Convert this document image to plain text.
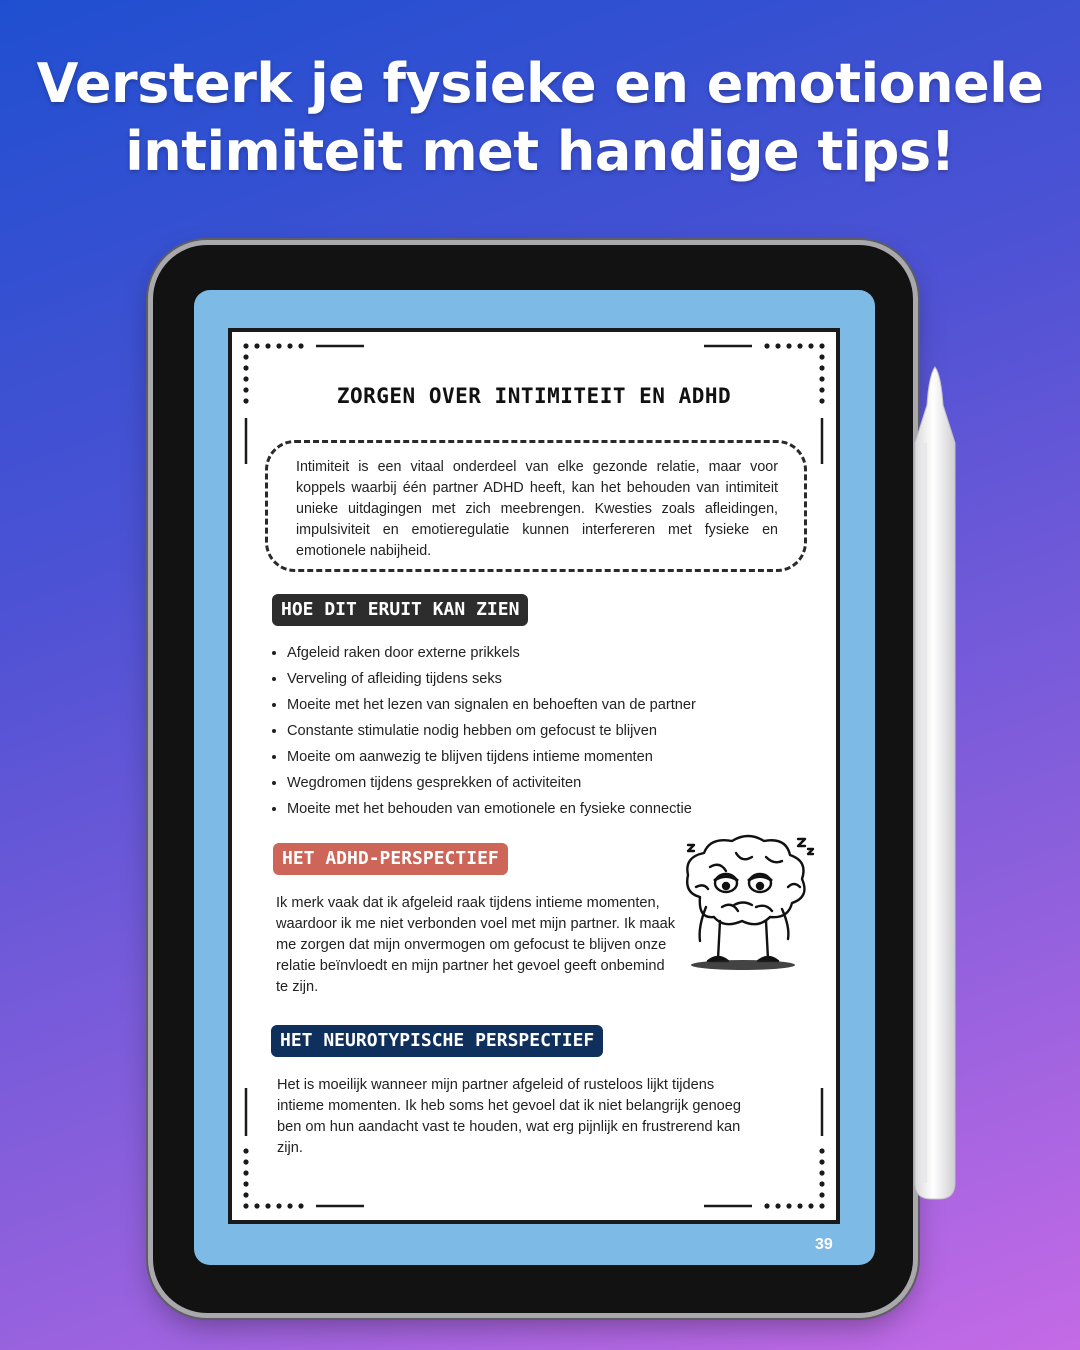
Versterk je fysieke en emotionele
intimiteit met handige tips!
ZORGEN OVER INTIMITEIT EN ADHD
Intimiteit is een vitaal onderdeel van elke gezonde relatie, maar voor koppels waarbij één partner ADHD heeft, kan het behouden van intimiteit unieke uitdagingen met zich meebrengen. Kwesties zoals afleidingen, impulsiviteit en emotieregulatie kunnen interfereren met fysieke en emotionele nabijheid.
HOE DIT ERUIT KAN ZIEN
• Afgeleid raken door externe prikkels
• Verveling of afleiding tijdens seks
• Moeite met het lezen van signalen en behoeften van de partner
• Constante stimulatie nodig hebben om gefocust te blijven
• Moeite om aanwezig te blijven tijdens intieme momenten
• Wegdromen tijdens gesprekken of activiteiten
• Moeite met het behouden van emotionele en fysieke connectie
HET ADHD-PERSPECTIEF
Ik merk vaak dat ik afgeleid raak tijdens intieme momenten, waardoor ik me niet verbonden voel met mijn partner. Ik maak me zorgen dat mijn onvermogen om gefocust te blijven onze relatie beïnvloedt en mijn partner het gevoel geeft onbemind te zijn.
HET NEUROTYPISCHE PERSPECTIEF
Het is moeilijk wanneer mijn partner afgeleid of rusteloos lijkt tijdens intieme momenten. Ik heb soms het gevoel dat ik niet belangrijk genoeg ben om hun aandacht vast te houden, wat erg pijnlijk en frustrerend kan zijn.
39
